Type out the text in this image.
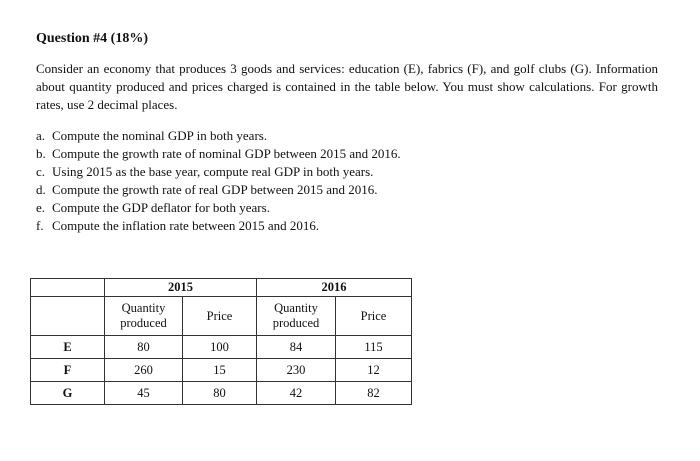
Question #4 (18%)
Consider an economy that produces 3 goods and services: education (E), fabrics (F), and golf clubs (G). Information about quantity produced and prices charged is contained in the table below. You must show calculations. For growth rates, use 2 decimal places.
a. Compute the nominal GDP in both years.
b. Compute the growth rate of nominal GDP between 2015 and 2016.
c. Using 2015 as the base year, compute real GDP in both years.
d. Compute the growth rate of real GDP between 2015 and 2016.
e. Compute the GDP deflator for both years.
f. Compute the inflation rate between 2015 and 2016.
	2015		2016	
	Quantity produced	Price	Quantity produced	Price
E	80	100	84	115
F	260	15	230	12
G	45	80	42	82
